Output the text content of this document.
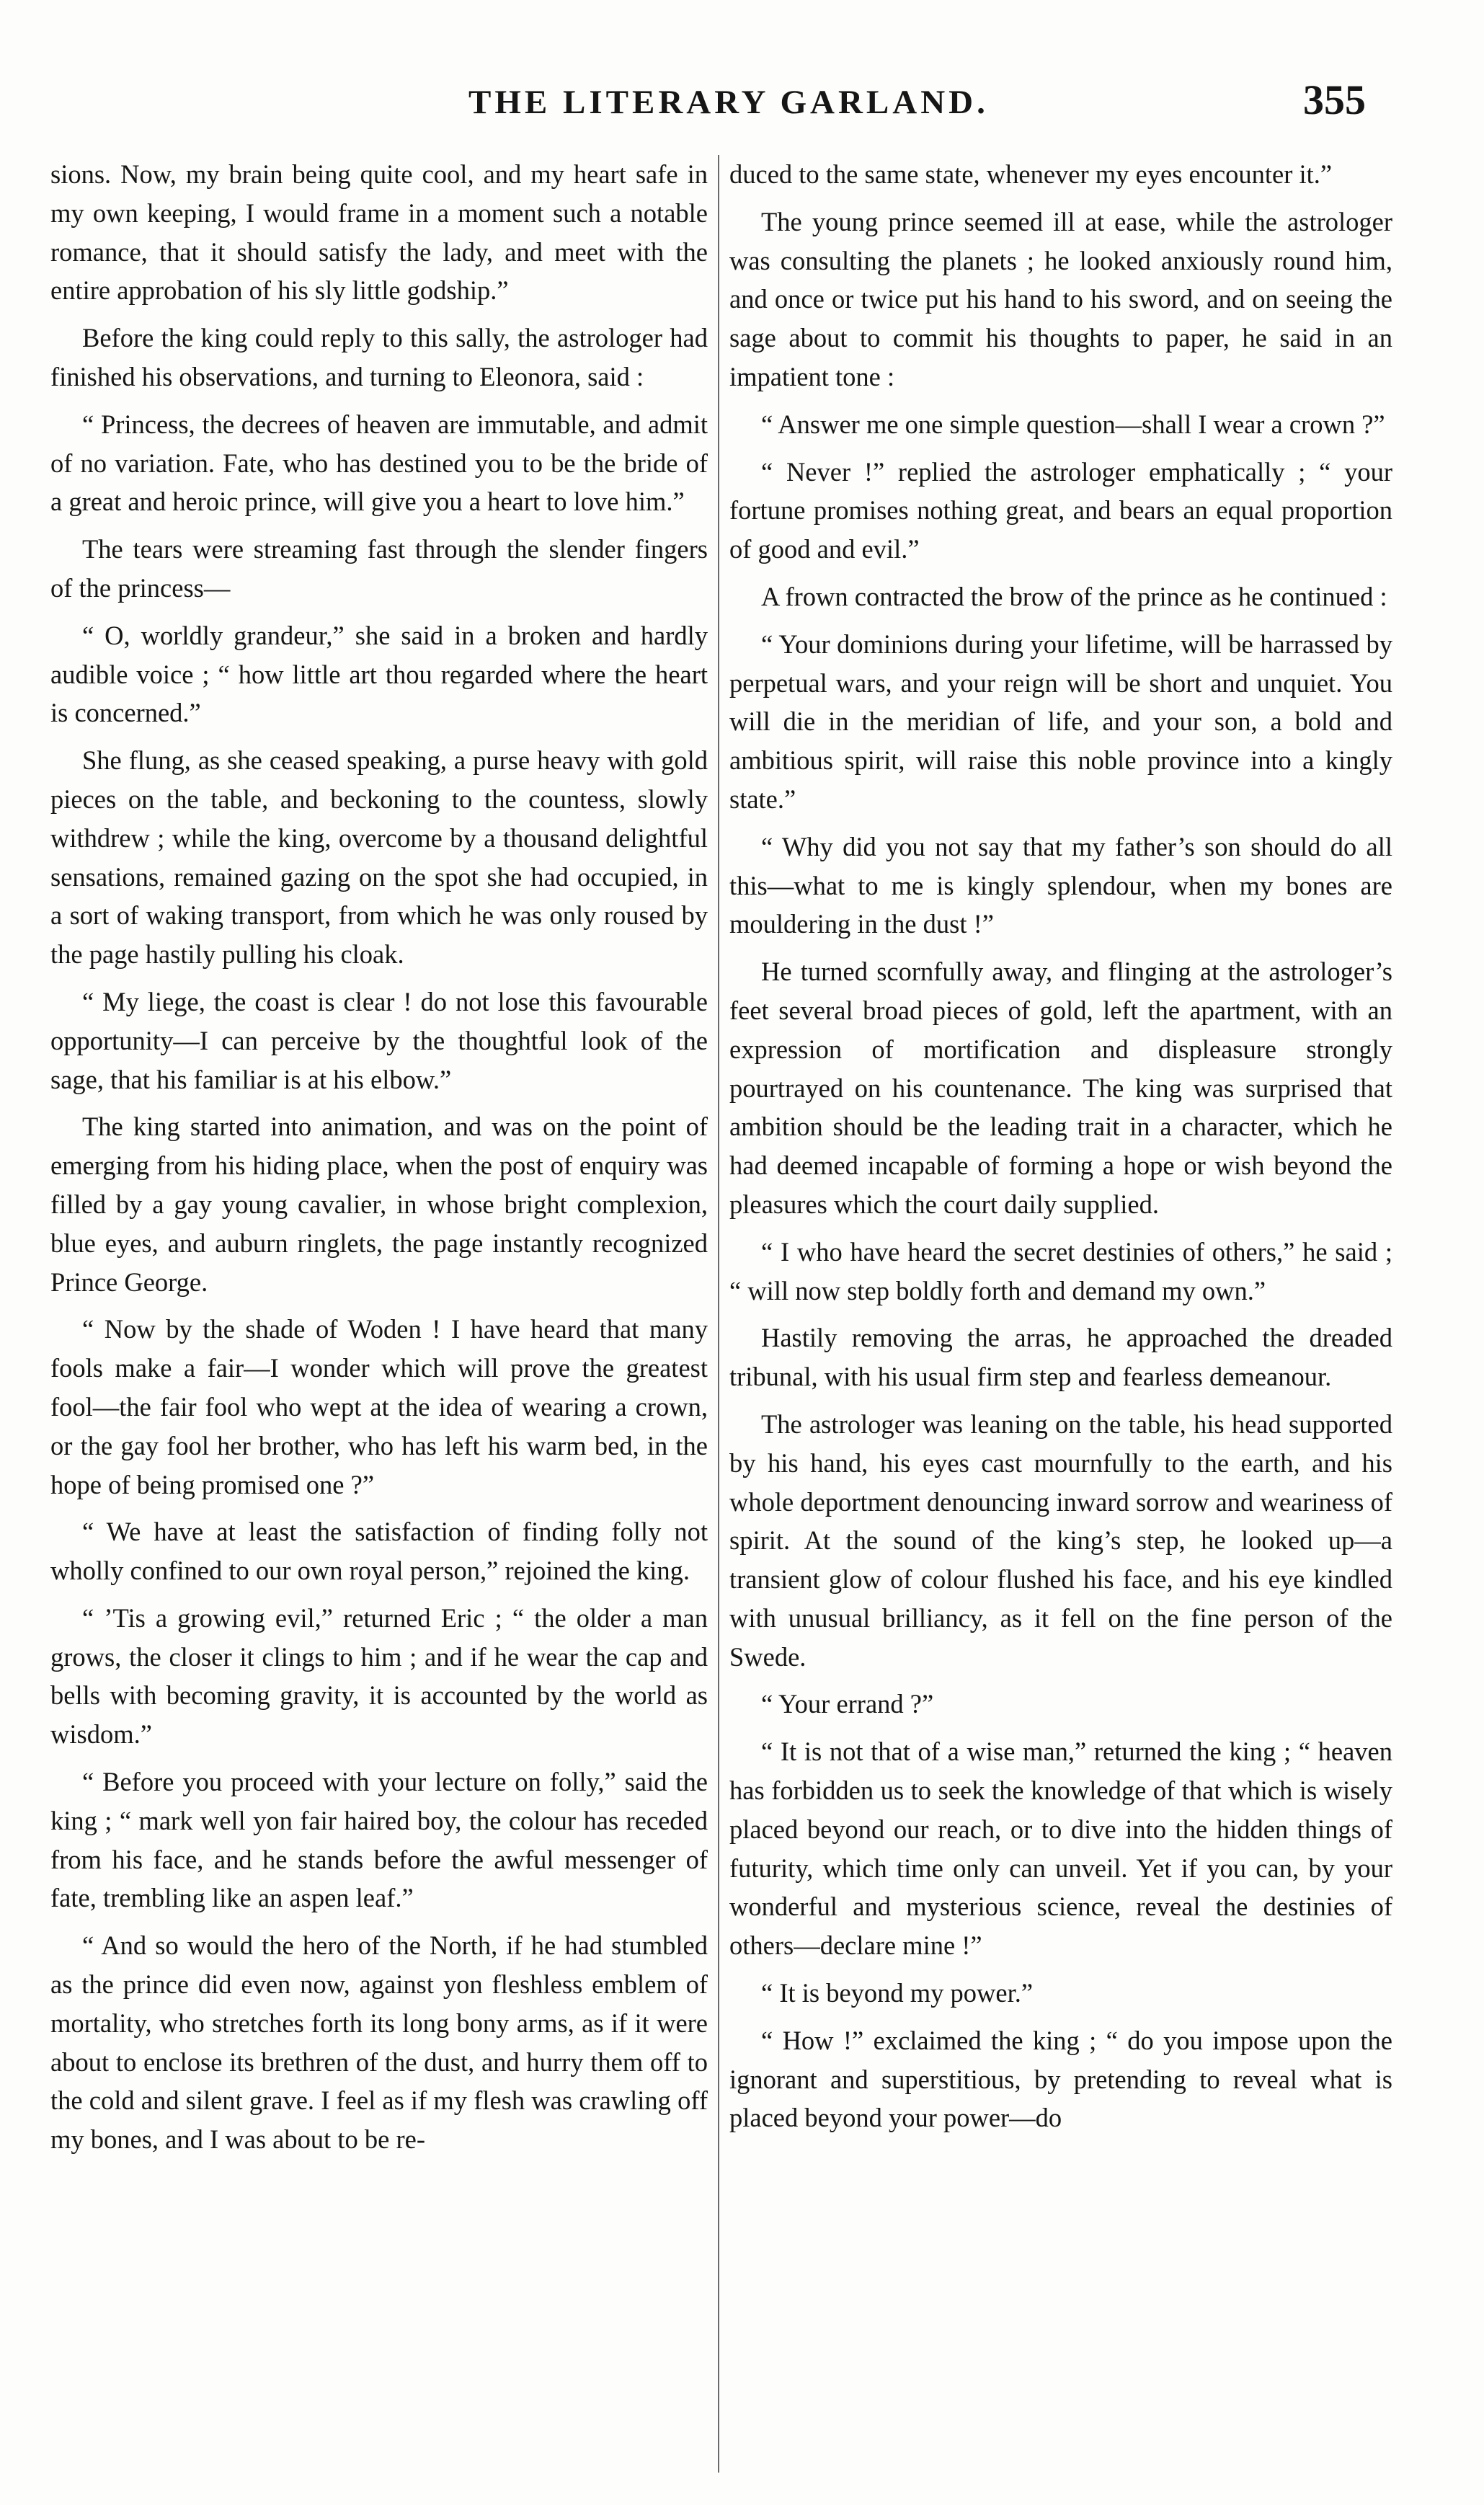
THE LITERARY GARLAND.	355

sions. Now, my brain being quite cool, and my heart safe in my own keeping, I would frame in a moment such a notable romance, that it should satisfy the lady, and meet with the entire approbation of his sly little godship.”

Before the king could reply to this sally, the astrologer had finished his observations, and turning to Eleonora, said :

“ Princess, the decrees of heaven are immutable, and admit of no variation. Fate, who has destined you to be the bride of a great and heroic prince, will give you a heart to love him.”

The tears were streaming fast through the slender fingers of the princess—

“ O, worldly grandeur,” she said in a broken and hardly audible voice ; “ how little art thou regarded where the heart is concerned.”

She flung, as she ceased speaking, a purse heavy with gold pieces on the table, and beckoning to the countess, slowly withdrew ; while the king, overcome by a thousand delightful sensations, remained gazing on the spot she had occupied, in a sort of waking transport, from which he was only roused by the page hastily pulling his cloak.

“ My liege, the coast is clear ! do not lose this favourable opportunity—I can perceive by the thoughtful look of the sage, that his familiar is at his elbow.”

The king started into animation, and was on the point of emerging from his hiding place, when the post of enquiry was filled by a gay young cavalier, in whose bright complexion, blue eyes, and auburn ringlets, the page instantly recognized Prince George.

“ Now by the shade of Woden ! I have heard that many fools make a fair—I wonder which will prove the greatest fool—the fair fool who wept at the idea of wearing a crown, or the gay fool her brother, who has left his warm bed, in the hope of being promised one ?”

“ We have at least the satisfaction of finding folly not wholly confined to our own royal person,” rejoined the king.

“ ’Tis a growing evil,” returned Eric ; “ the older a man grows, the closer it clings to him ; and if he wear the cap and bells with becoming gravity, it is accounted by the world as wisdom.”

“ Before you proceed with your lecture on folly,” said the king ; “ mark well yon fair haired boy, the colour has receded from his face, and he stands before the awful messenger of fate, trembling like an aspen leaf.”

“ And so would the hero of the North, if he had stumbled as the prince did even now, against yon fleshless emblem of mortality, who stretches forth its long bony arms, as if it were about to enclose its brethren of the dust, and hurry them off to the cold and silent grave. I feel as if my flesh was crawling off my bones, and I was about to be re-

duced to the same state, whenever my eyes encounter it.”

The young prince seemed ill at ease, while the astrologer was consulting the planets ; he looked anxiously round him, and once or twice put his hand to his sword, and on seeing the sage about to commit his thoughts to paper, he said in an impatient tone :

“ Answer me one simple question—shall I wear a crown ?”

“ Never !” replied the astrologer emphatically ; “ your fortune promises nothing great, and bears an equal proportion of good and evil.”

A frown contracted the brow of the prince as he continued :

“ Your dominions during your lifetime, will be harrassed by perpetual wars, and your reign will be short and unquiet. You will die in the meridian of life, and your son, a bold and ambitious spirit, will raise this noble province into a kingly state.”

“ Why did you not say that my father’s son should do all this—what to me is kingly splendour, when my bones are mouldering in the dust !”

He turned scornfully away, and flinging at the astrologer’s feet several broad pieces of gold, left the apartment, with an expression of mortification and displeasure strongly pourtrayed on his countenance. The king was surprised that ambition should be the leading trait in a character, which he had deemed incapable of forming a hope or wish beyond the pleasures which the court daily supplied.

“ I who have heard the secret destinies of others,” he said ; “ will now step boldly forth and demand my own.”

Hastily removing the arras, he approached the dreaded tribunal, with his usual firm step and fearless demeanour.

The astrologer was leaning on the table, his head supported by his hand, his eyes cast mournfully to the earth, and his whole deportment denouncing inward sorrow and weariness of spirit. At the sound of the king’s step, he looked up—a transient glow of colour flushed his face, and his eye kindled with unusual brilliancy, as it fell on the fine person of the Swede.

“ Your errand ?”

“ It is not that of a wise man,” returned the king ; “ heaven has forbidden us to seek the knowledge of that which is wisely placed beyond our reach, or to dive into the hidden things of futurity, which time only can unveil. Yet if you can, by your wonderful and mysterious science, reveal the destinies of others—declare mine !”

“ It is beyond my power.”

“ How !” exclaimed the king ; “ do you impose upon the ignorant and superstitious, by pretending to reveal what is placed beyond your power—do
